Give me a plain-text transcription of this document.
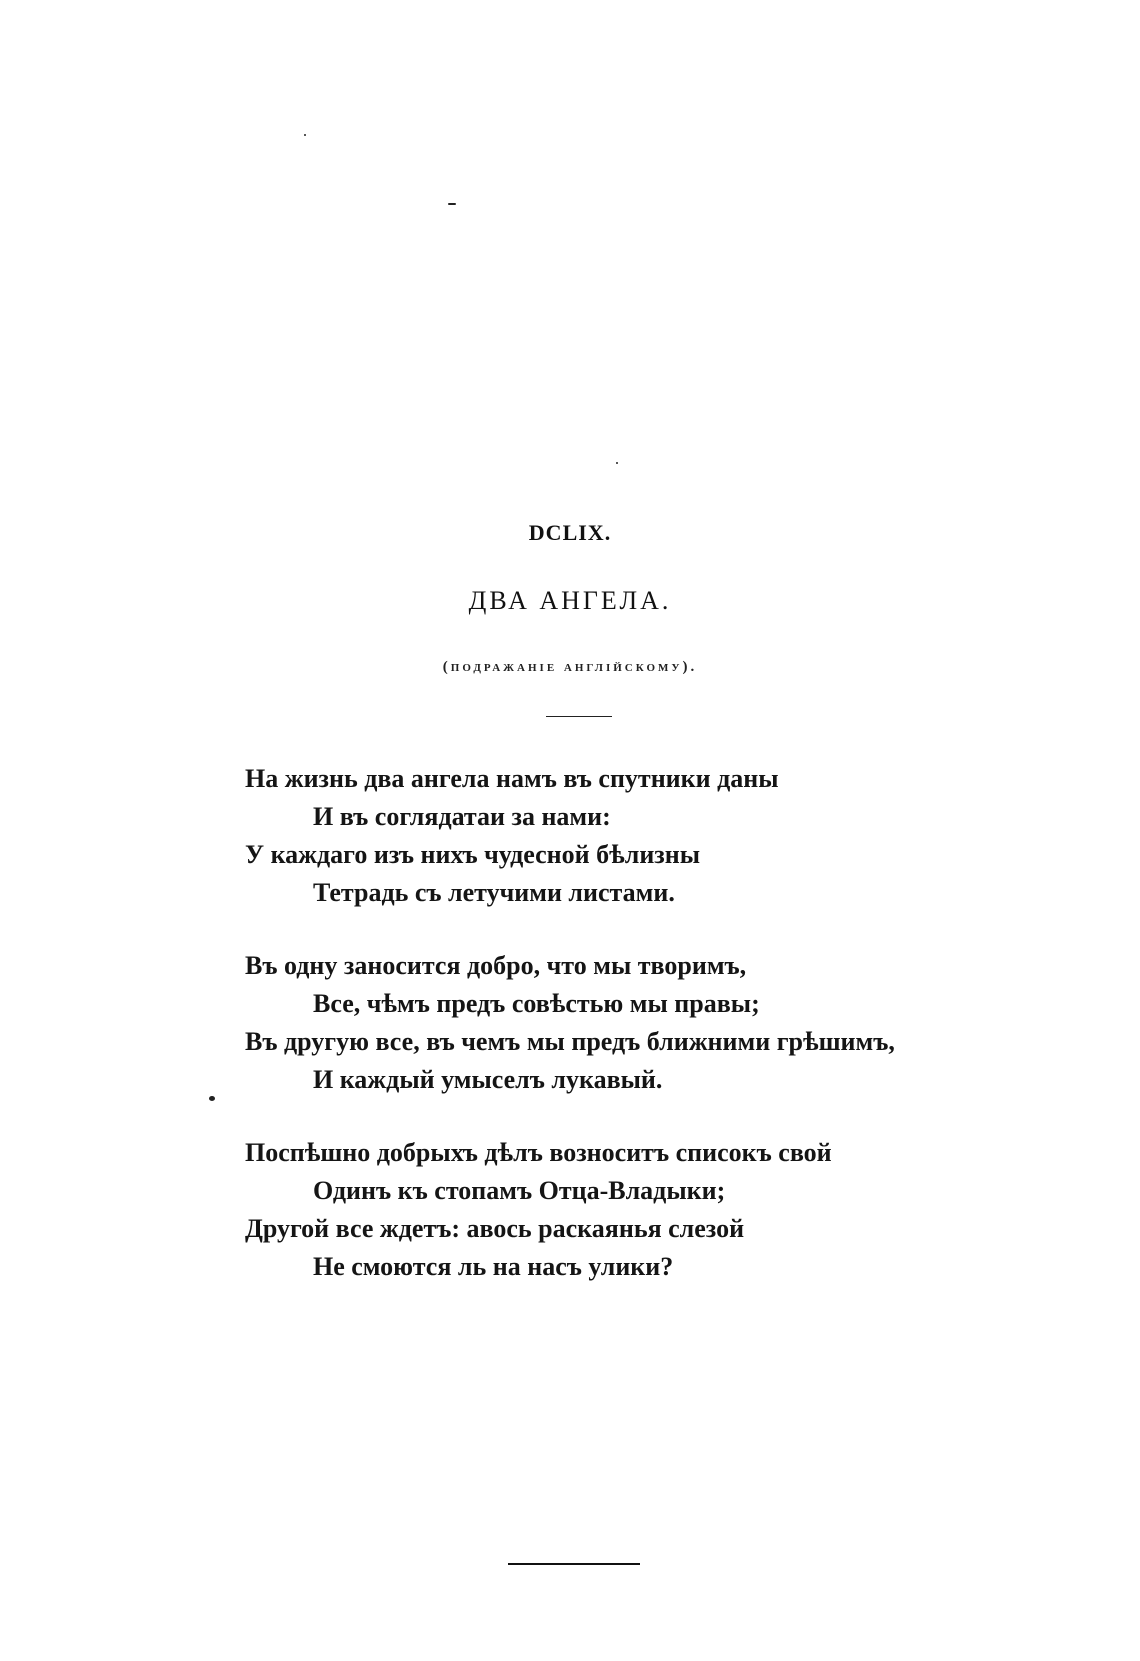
DCLIX.
ДВА АНГЕЛА.
(подражаніе англійскому).
На жизнь два ангела намъ въ спутники даны
И въ соглядатаи за нами:
У каждаго изъ нихъ чудесной бѣлизны
Тетрадь съ летучими листами.
Въ одну заносится добро, что мы творимъ,
Все, чѣмъ предъ совѣстью мы правы;
Въ другую все, въ чемъ мы предъ ближними грѣшимъ,
И каждый умыселъ лукавый.
Поспѣшно добрыхъ дѣлъ возноситъ списокъ свой
Одинъ къ стопамъ Отца-Владыки;
Другой все ждетъ: авось раскаянья слезой
Не смоются ль на насъ улики?
